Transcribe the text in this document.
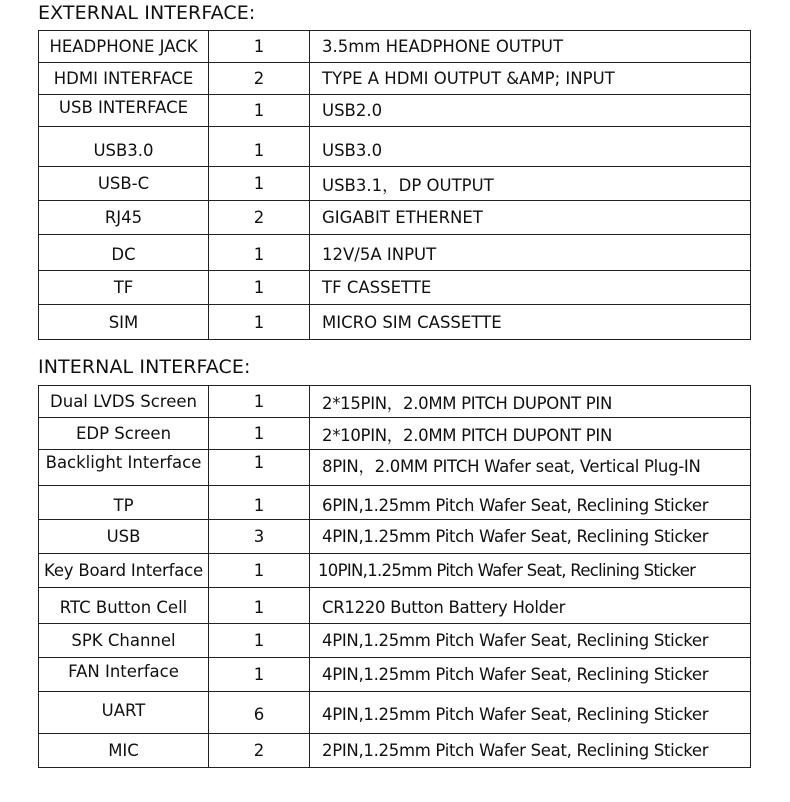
EXTERNAL INTERFACE:
HEADPHONE JACK	1	3.5mm HEADPHONE OUTPUT
HDMI INTERFACE	2	TYPE A HDMI OUTPUT &AMP; INPUT
USB INTERFACE	1	USB2.0
USB3.0	1	USB3.0
USB-C	1	USB3.1，DP OUTPUT
RJ45	2	GIGABIT ETHERNET
DC	1	12V/5A INPUT
TF	1	TF CASSETTE
SIM	1	MICRO SIM CASSETTE
INTERNAL INTERFACE:
Dual LVDS Screen	1	2*15PIN，2.0MM PITCH DUPONT PIN
EDP Screen	1	2*10PIN，2.0MM PITCH DUPONT PIN
Backlight Interface	1	8PIN，2.0MM PITCH Wafer seat, Vertical Plug-IN
TP	1	6PIN,1.25mm Pitch Wafer Seat, Reclining Sticker
USB	3	4PIN,1.25mm Pitch Wafer Seat, Reclining Sticker
Key Board Interface	1	10PIN,1.25mm Pitch Wafer Seat, Reclining Sticker
RTC Button Cell	1	CR1220 Button Battery Holder
SPK Channel	1	4PIN,1.25mm Pitch Wafer Seat, Reclining Sticker
FAN Interface	1	4PIN,1.25mm Pitch Wafer Seat, Reclining Sticker
UART	6	4PIN,1.25mm Pitch Wafer Seat, Reclining Sticker
MIC	2	2PIN,1.25mm Pitch Wafer Seat, Reclining Sticker
